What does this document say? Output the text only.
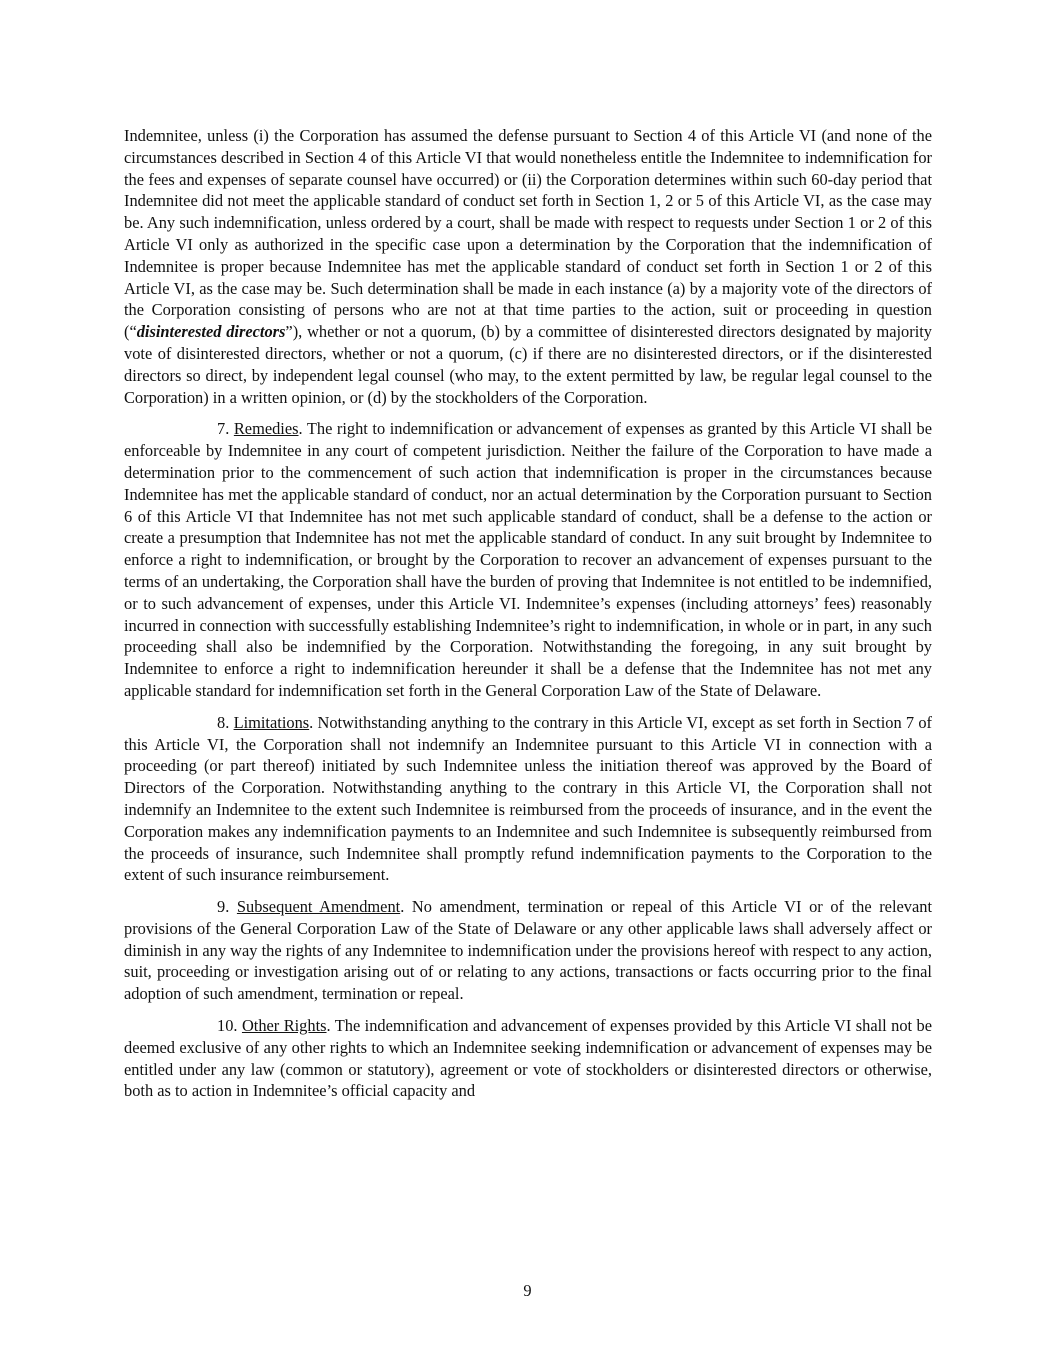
Indemnitee, unless (i) the Corporation has assumed the defense pursuant to Section 4 of this Article VI (and none of the circumstances described in Section 4 of this Article VI that would nonetheless entitle the Indemnitee to indemnification for the fees and expenses of separate counsel have occurred) or (ii) the Corporation determines within such 60-day period that Indemnitee did not meet the applicable standard of conduct set forth in Section 1, 2 or 5 of this Article VI, as the case may be. Any such indemnification, unless ordered by a court, shall be made with respect to requests under Section 1 or 2 of this Article VI only as authorized in the specific case upon a determination by the Corporation that the indemnification of Indemnitee is proper because Indemnitee has met the applicable standard of conduct set forth in Section 1 or 2 of this Article VI, as the case may be. Such determination shall be made in each instance (a) by a majority vote of the directors of the Corporation consisting of persons who are not at that time parties to the action, suit or proceeding in question (“disinterested directors”), whether or not a quorum, (b) by a committee of disinterested directors designated by majority vote of disinterested directors, whether or not a quorum, (c) if there are no disinterested directors, or if the disinterested directors so direct, by independent legal counsel (who may, to the extent permitted by law, be regular legal counsel to the Corporation) in a written opinion, or (d) by the stockholders of the Corporation.

7. Remedies. The right to indemnification or advancement of expenses as granted by this Article VI shall be enforceable by Indemnitee in any court of competent jurisdiction. Neither the failure of the Corporation to have made a determination prior to the commencement of such action that indemnification is proper in the circumstances because Indemnitee has met the applicable standard of conduct, nor an actual determination by the Corporation pursuant to Section 6 of this Article VI that Indemnitee has not met such applicable standard of conduct, shall be a defense to the action or create a presumption that Indemnitee has not met the applicable standard of conduct. In any suit brought by Indemnitee to enforce a right to indemnification, or brought by the Corporation to recover an advancement of expenses pursuant to the terms of an undertaking, the Corporation shall have the burden of proving that Indemnitee is not entitled to be indemnified, or to such advancement of expenses, under this Article VI. Indemnitee’s expenses (including attorneys’ fees) reasonably incurred in connection with successfully establishing Indemnitee’s right to indemnification, in whole or in part, in any such proceeding shall also be indemnified by the Corporation. Notwithstanding the foregoing, in any suit brought by Indemnitee to enforce a right to indemnification hereunder it shall be a defense that the Indemnitee has not met any applicable standard for indemnification set forth in the General Corporation Law of the State of Delaware.

8. Limitations. Notwithstanding anything to the contrary in this Article VI, except as set forth in Section 7 of this Article VI, the Corporation shall not indemnify an Indemnitee pursuant to this Article VI in connection with a proceeding (or part thereof) initiated by such Indemnitee unless the initiation thereof was approved by the Board of Directors of the Corporation. Notwithstanding anything to the contrary in this Article VI, the Corporation shall not indemnify an Indemnitee to the extent such Indemnitee is reimbursed from the proceeds of insurance, and in the event the Corporation makes any indemnification payments to an Indemnitee and such Indemnitee is subsequently reimbursed from the proceeds of insurance, such Indemnitee shall promptly refund indemnification payments to the Corporation to the extent of such insurance reimbursement.

9. Subsequent Amendment. No amendment, termination or repeal of this Article VI or of the relevant provisions of the General Corporation Law of the State of Delaware or any other applicable laws shall adversely affect or diminish in any way the rights of any Indemnitee to indemnification under the provisions hereof with respect to any action, suit, proceeding or investigation arising out of or relating to any actions, transactions or facts occurring prior to the final adoption of such amendment, termination or repeal.

10. Other Rights. The indemnification and advancement of expenses provided by this Article VI shall not be deemed exclusive of any other rights to which an Indemnitee seeking indemnification or advancement of expenses may be entitled under any law (common or statutory), agreement or vote of stockholders or disinterested directors or otherwise, both as to action in Indemnitee’s official capacity and

9
